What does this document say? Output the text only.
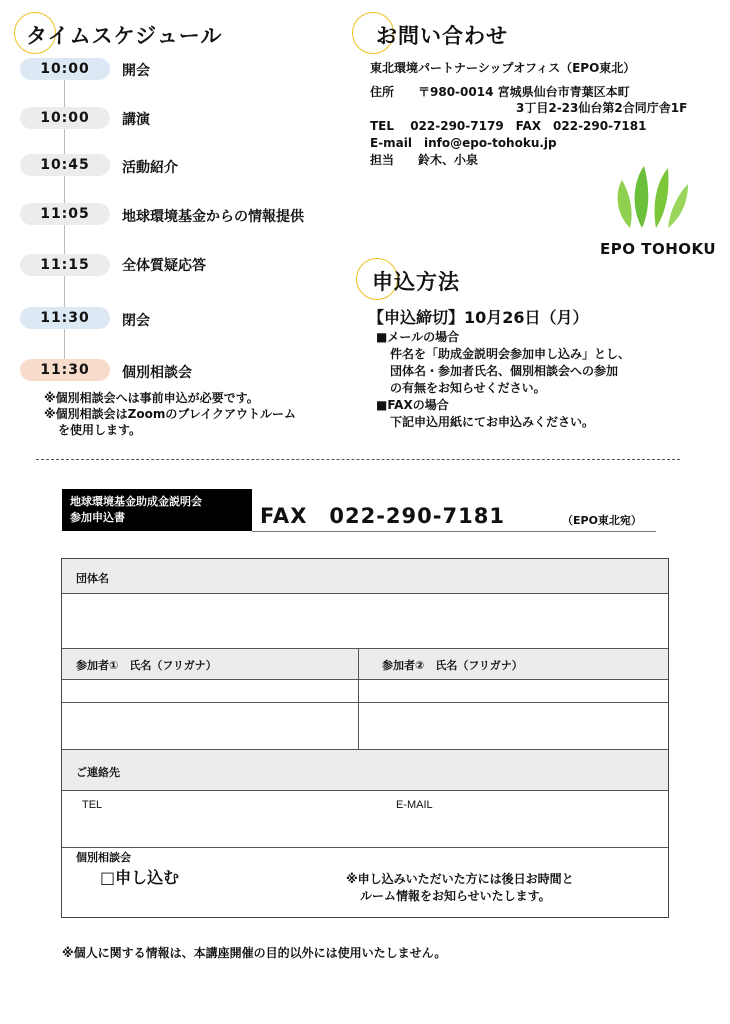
タイムスケジュール
10:00	開会
10:00	講演
10:45	活動紹介
11:05	地球環境基金からの情報提供
11:15	全体質疑応答
11:30	閉会
11:30	個別相談会
※個別相談会へは事前申込が必要です。
※個別相談会はZoomのブレイクアウトルーム
を使用します。
お問い合わせ
東北環境パートナーシップオフィス（EPO東北）
住所 〒980-0014 宮城県仙台市青葉区本町
3丁目2-23仙台第2合同庁舎1F
TEL　 022-290-7179　FAX　022-290-7181
E-mail　info@epo-tohoku.jp
担当 鈴木、小泉
EPO TOHOKU
申込方法
【申込締切】10月26日（月）
■メールの場合
件名を「助成金説明会参加申し込み」とし、
団体名・参加者氏名、個別相談会への参加
の有無をお知らせください。
■FAXの場合
下記申込用紙にてお申込みください。
地球環境基金助成金説明会
参加申込書	FAX　022-290-7181	（EPO東北宛）
団体名
参加者①　氏名（フリガナ）	参加者②　氏名（フリガナ）
ご連絡先
TEL	E-MAIL
個別相談会
□申し込む	※申し込みいただいた方には後日お時間と
ルーム情報をお知らせいたします。
※個人に関する情報は、本講座開催の目的以外には使用いたしません。
